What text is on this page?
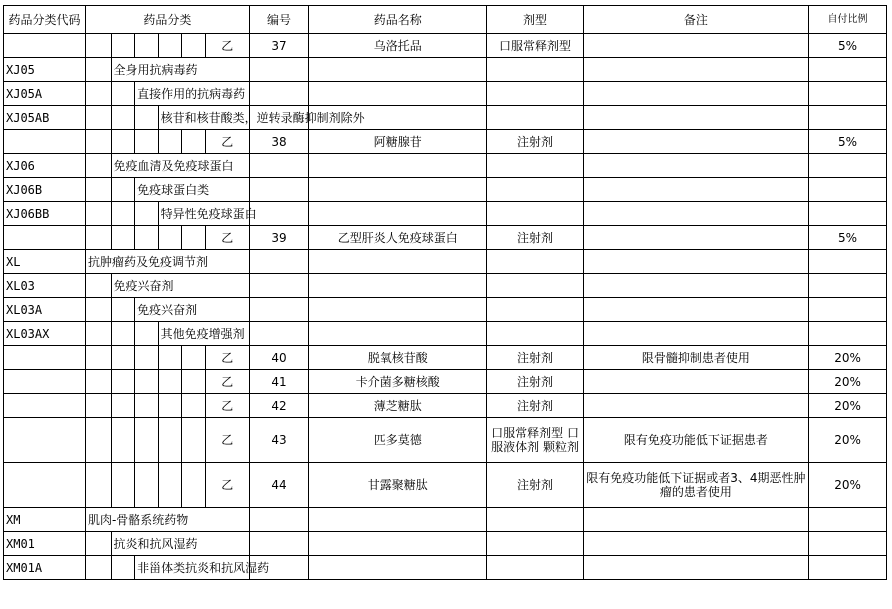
药品分类代码	药品分类						编号	药品名称	剂型	备注	自付比例
						乙	37	乌洛托品	口服常释剂型		5%
XJ05		全身用抗病毒药									
XJ05A			直接作用的抗病毒药								
XJ05AB				核苷和核苷酸类，逆转录酶抑制剂除外							
						乙	38	阿糖腺苷	注射剂		5%
XJ06		免疫血清及免疫球蛋白									
XJ06B			免疫球蛋白类								
XJ06BB				特异性免疫球蛋白							
						乙	39	乙型肝炎人免疫球蛋白	注射剂		5%
XL	抗肿瘤药及免疫调节剂										
XL03		免疫兴奋剂									
XL03A			免疫兴奋剂								
XL03AX				其他免疫增强剂							
						乙	40	脱氧核苷酸	注射剂	限骨髓抑制患者使用	20%
						乙	41	卡介菌多糖核酸	注射剂		20%
						乙	42	薄芝糖肽	注射剂		20%
						乙	43	匹多莫德	口服常释剂型 口服液体剂 颗粒剂	限有免疫功能低下证据患者	20%
						乙	44	甘露聚糖肽	注射剂	限有免疫功能低下证据或者3、4期恶性肿瘤的患者使用	20%
XM	肌肉-骨骼系统药物										
XM01		抗炎和抗风湿药									
XM01A			非甾体类抗炎和抗风湿药								
